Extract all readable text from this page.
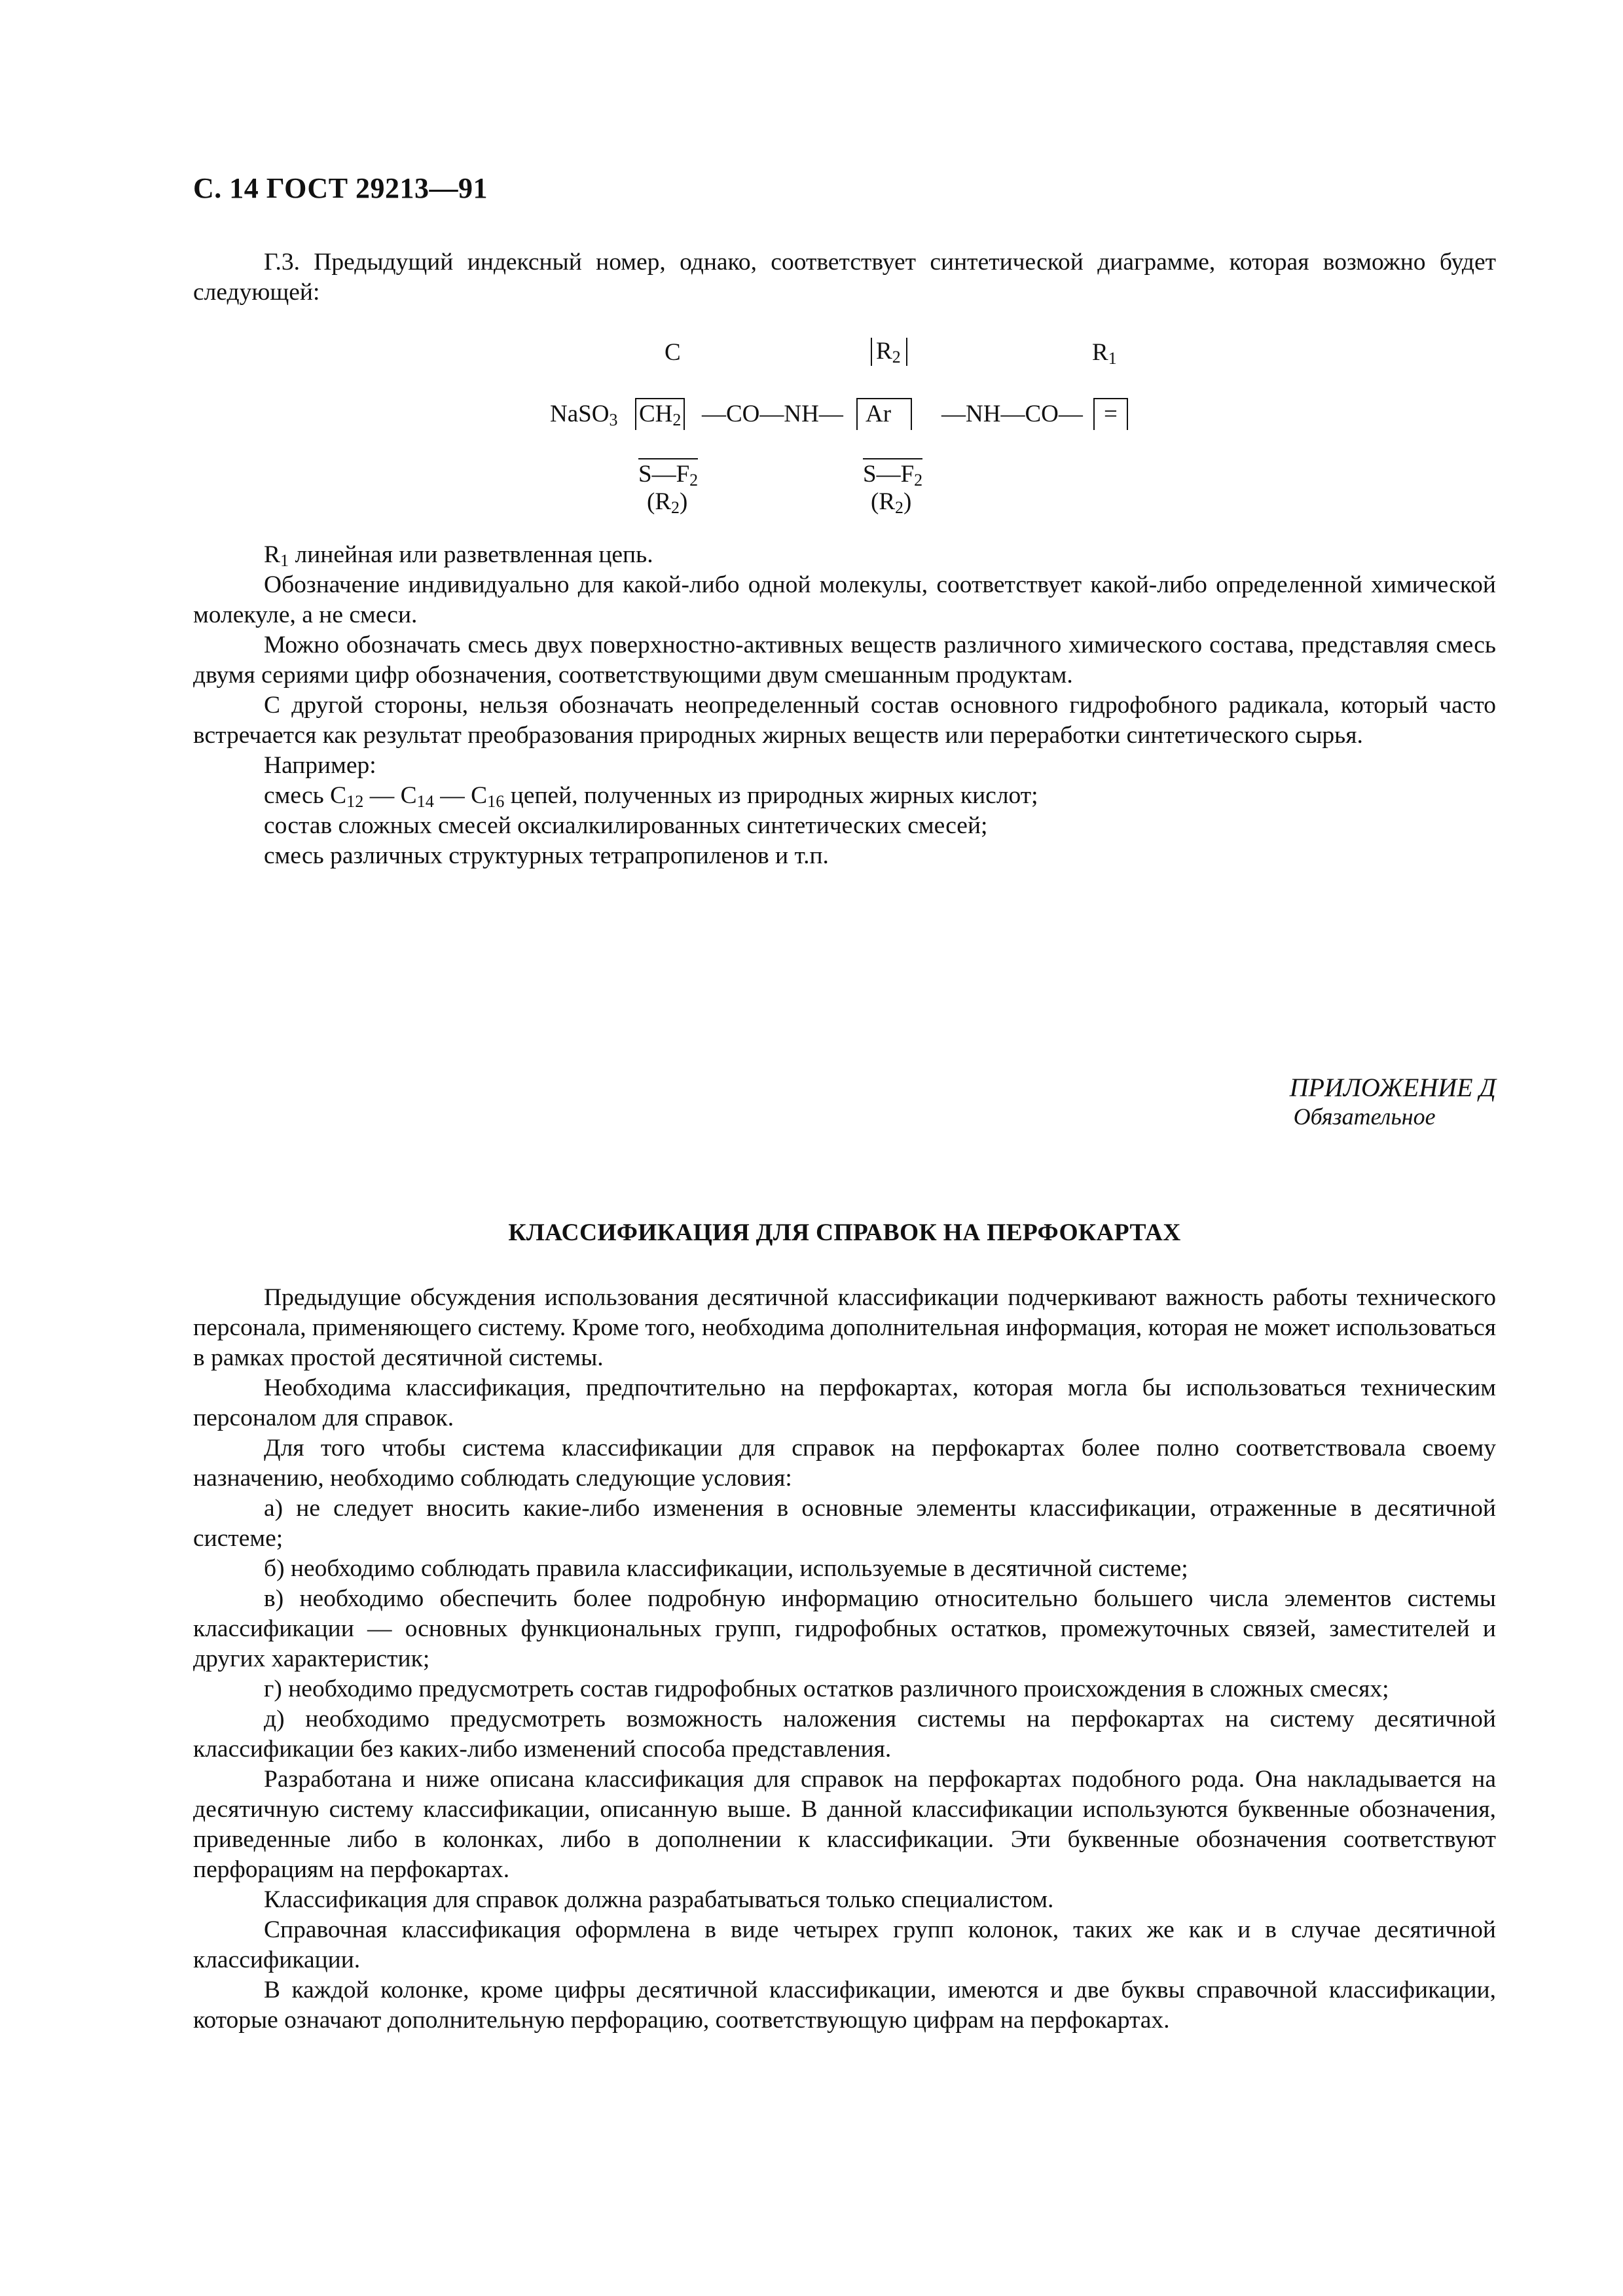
С. 14 ГОСТ 29213—91

Г.3. Предыдущий индексный номер, однако, соответствует синтетической диаграмме, которая возможно будет следующей:

C	$R_2$	$R_1$
NaSO$_3$ $CH_2$ —CO—NH— Ar	—NH—CO— =
$S—F_2$
$(R_2)$
$S—F_2$
$(R_2)$

$R_1$ линейная или разветвленная цепь.

Обозначение индивидуально для какой-либо одной молекулы, соответствует какой-либо определенной химической молекуле, а не смеси.

Можно обозначать смесь двух поверхностно-активных веществ различного химического состава, представляя смесь двумя сериями цифр обозначения, соответствующими двум смешанным продуктам.

С другой стороны, нельзя обозначать неопределенный состав основного гидрофобного радикала, который часто встречается как результат преобразования природных жирных веществ или переработки синтетического сырья.

Например:

смесь $C_{12}$ — $C_{14}$ — $C_{16}$ цепей, полученных из природных жирных кислот;

состав сложных смесей оксиалкилированных синтетических смесей;

смесь различных структурных тетрапропиленов и т.п.

ПРИЛОЖЕНИЕ Д
Обязательное
КЛАССИФИКАЦИЯ ДЛЯ СПРАВОК НА ПЕРФОКАРТАХ

Предыдущие обсуждения использования десятичной классификации подчеркивают важность работы технического персонала, применяющего систему. Кроме того, необходима дополнительная информация, которая не может использоваться в рамках простой десятичной системы.

Необходима классификация, предпочтительно на перфокартах, которая могла бы использоваться техническим персоналом для справок.

Для того чтобы система классификации для справок на перфокартах более полно соответствовала своему назначению, необходимо соблюдать следующие условия:

а) не следует вносить какие-либо изменения в основные элементы классификации, отраженные в десятичной системе;

б) необходимо соблюдать правила классификации, используемые в десятичной системе;

в) необходимо обеспечить более подробную информацию относительно большего числа элементов системы классификации — основных функциональных групп, гидрофобных остатков, промежуточных связей, заместителей и других характеристик;

г) необходимо предусмотреть состав гидрофобных остатков различного происхождения в сложных смесях;

д) необходимо предусмотреть возможность наложения системы на перфокартах на систему десятичной классификации без каких-либо изменений способа представления.

Разработана и ниже описана классификация для справок на перфокартах подобного рода. Она накладывается на десятичную систему классификации, описанную выше. В данной классификации используются буквенные обозначения, приведенные либо в колонках, либо в дополнении к классификации. Эти буквенные обозначения соответствуют перфорациям на перфокартах.

Классификация для справок должна разрабатываться только специалистом.

Справочная классификация оформлена в виде четырех групп колонок, таких же как и в случае десятичной классификации.

В каждой колонке, кроме цифры десятичной классификации, имеются и две буквы справочной классификации, которые означают дополнительную перфорацию, соответствующую цифрам на перфокартах.
